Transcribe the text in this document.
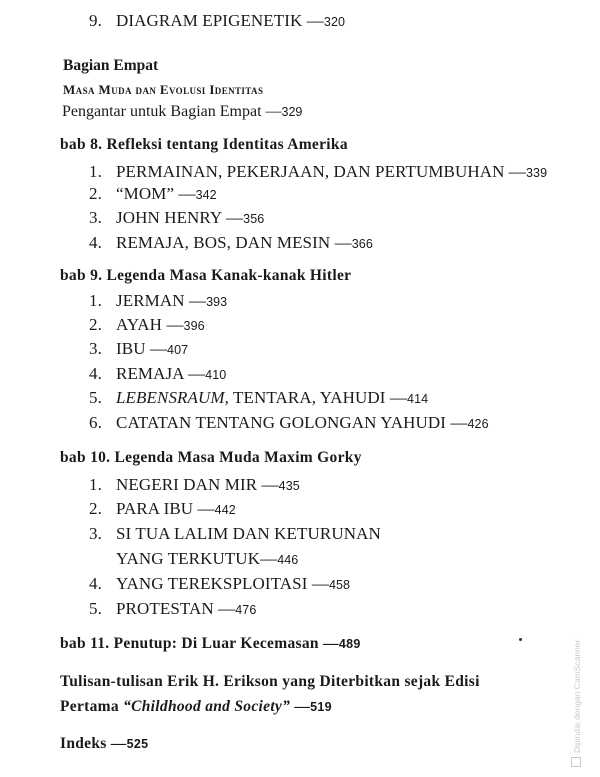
9. DIAGRAM EPIGENETIK —320
Bagian Empat
Masa Muda dan Evolusi Identitas
Pengantar untuk Bagian Empat —329
bab 8. Refleksi tentang Identitas Amerika
1. PERMAINAN, PEKERJAAN, DAN PERTUMBUHAN —339
2. “MOM” —342
3. JOHN HENRY —356
4. REMAJA, BOS, DAN MESIN —366
bab 9. Legenda Masa Kanak-kanak Hitler
1. JERMAN —393
2. AYAH —396
3. IBU —407
4. REMAJA —410
5. LEBENSRAUM, TENTARA, YAHUDI —414
6. CATATAN TENTANG GOLONGAN YAHUDI —426
bab 10. Legenda Masa Muda Maxim Gorky
1. NEGERI DAN MIR —435
2. PARA IBU —442
3. SI TUA LALIM DAN KETURUNAN
YANG TERKUTUK—446
4. YANG TEREKSPLOITASI —458
5. PROTESTAN —476
bab 11. Penutup: Di Luar Kecemasan —489
Tulisan-tulisan Erik H. Erikson yang Diterbitkan sejak Edisi
Pertama “Childhood and Society” —519
Indeks —525	Dipindai dengan CamScanner
